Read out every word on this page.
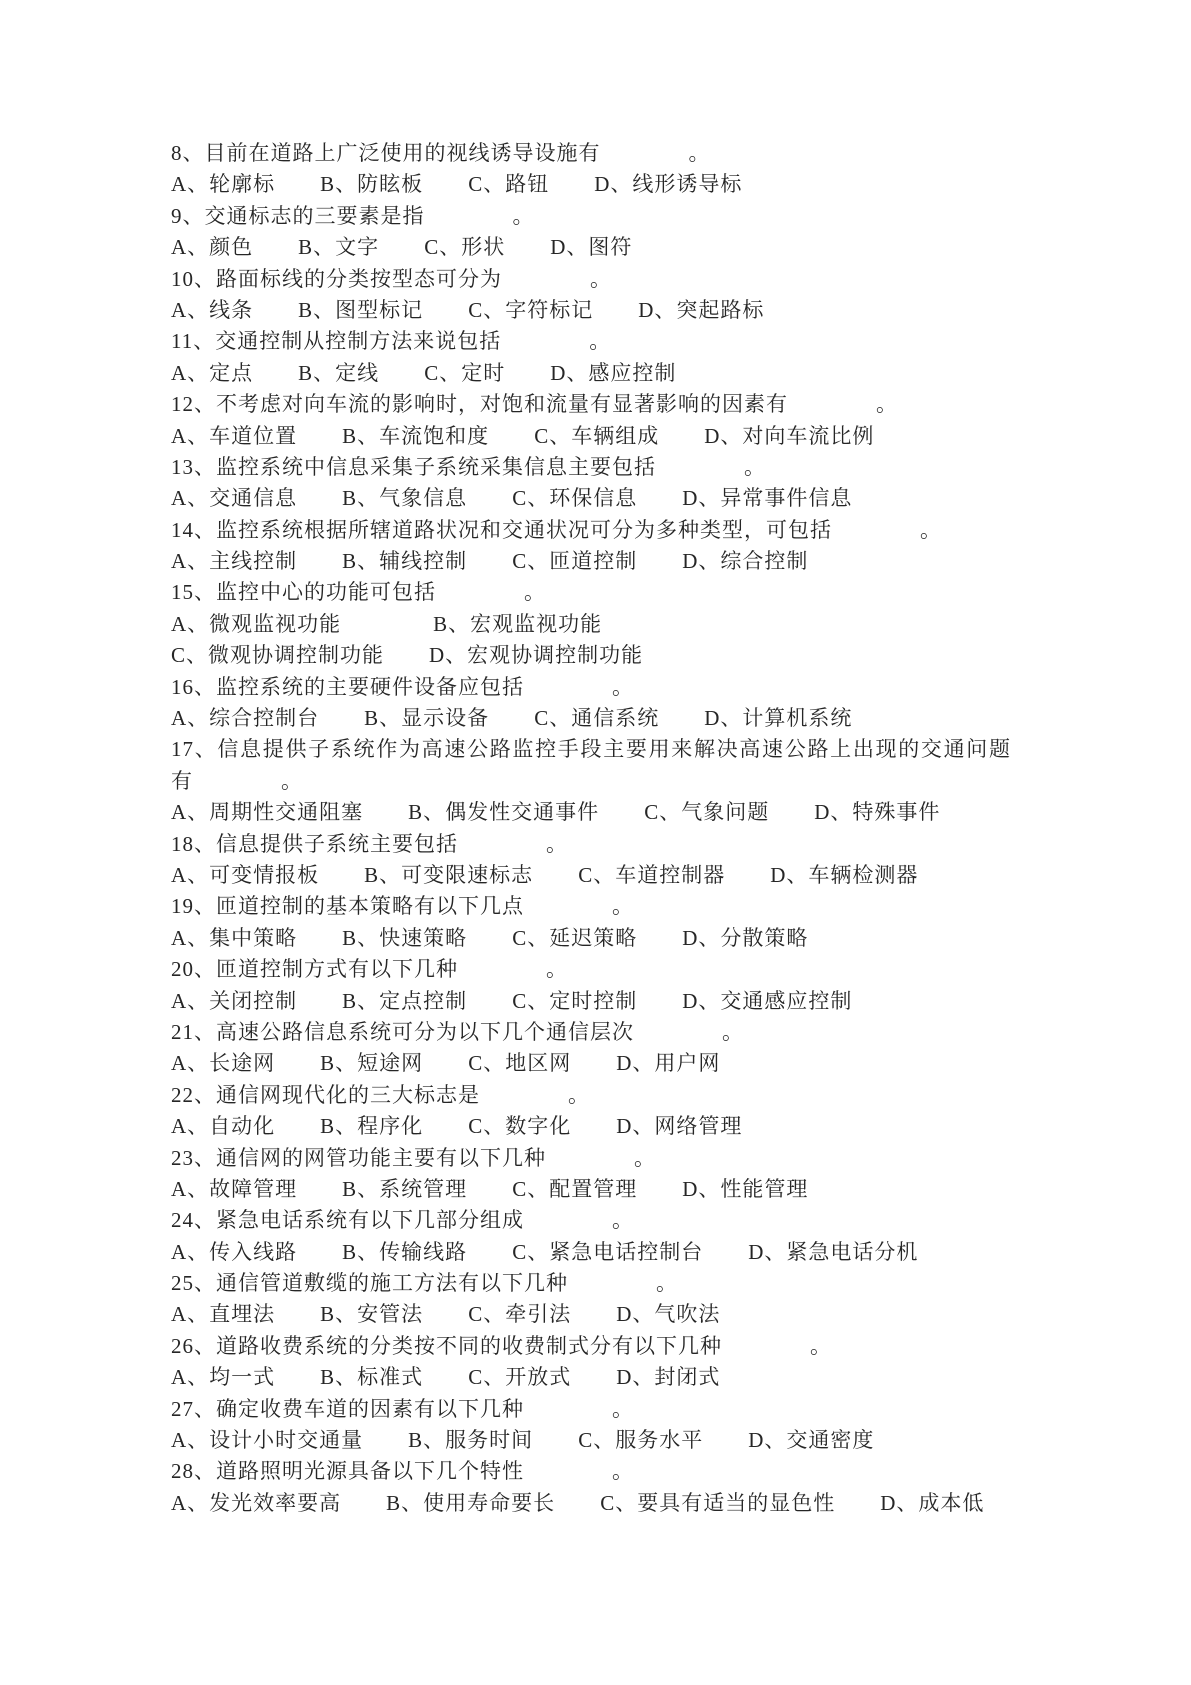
8、目前在道路上广泛使用的视线诱导设施有　　　　。
A、轮廓标 B、防眩板 C、路钮 D、线形诱导标
9、交通标志的三要素是指　　　　。
A、颜色 B、文字 C、形状 D、图符
10、路面标线的分类按型态可分为　　　　。
A、线条 B、图型标记 C、字符标记 D、突起路标
11、交通控制从控制方法来说包括　　　　。
A、定点 B、定线 C、定时 D、感应控制
12、不考虑对向车流的影响时，对饱和流量有显著影响的因素有　　　　。
A、车道位置 B、车流饱和度 C、车辆组成 D、对向车流比例
13、监控系统中信息采集子系统采集信息主要包括　　　　。
A、交通信息 B、气象信息 C、环保信息 D、异常事件信息
14、监控系统根据所辖道路状况和交通状况可分为多种类型，可包括　　　　。
A、主线控制 B、辅线控制 C、匝道控制 D、综合控制
15、监控中心的功能可包括　　　　。
A、微观监视功能	B、宏观监视功能
C、微观协调控制功能 D、宏观协调控制功能
16、监控系统的主要硬件设备应包括　　　　。
A、综合控制台 B、显示设备 C、通信系统 D、计算机系统
17、信息提供子系统作为高速公路监控手段主要用来解决高速公路上出现的交通问题
有　　　　。
A、周期性交通阻塞 B、偶发性交通事件 C、气象问题 D、特殊事件
18、信息提供子系统主要包括　　　　。
A、可变情报板 B、可变限速标志 C、车道控制器 D、车辆检测器
19、匝道控制的基本策略有以下几点　　　　。
A、集中策略 B、快速策略 C、延迟策略 D、分散策略
20、匝道控制方式有以下几种　　　　。
A、关闭控制 B、定点控制 C、定时控制 D、交通感应控制
21、高速公路信息系统可分为以下几个通信层次　　　　。
A、长途网 B、短途网 C、地区网 D、用户网
22、通信网现代化的三大标志是　　　　。
A、自动化 B、程序化 C、数字化 D、网络管理
23、通信网的网管功能主要有以下几种　　　　。
A、故障管理 B、系统管理 C、配置管理 D、性能管理
24、紧急电话系统有以下几部分组成　　　　。
A、传入线路 B、传输线路 C、紧急电话控制台 D、紧急电话分机
25、通信管道敷缆的施工方法有以下几种　　　　。
A、直埋法 B、安管法 C、牵引法 D、气吹法
26、道路收费系统的分类按不同的收费制式分有以下几种　　　　。
A、均一式 B、标准式 C、开放式 D、封闭式
27、确定收费车道的因素有以下几种　　　　。
A、设计小时交通量 B、服务时间 C、服务水平 D、交通密度
28、道路照明光源具备以下几个特性　　　　。
A、发光效率要高 B、使用寿命要长 C、要具有适当的显色性 D、成本低
